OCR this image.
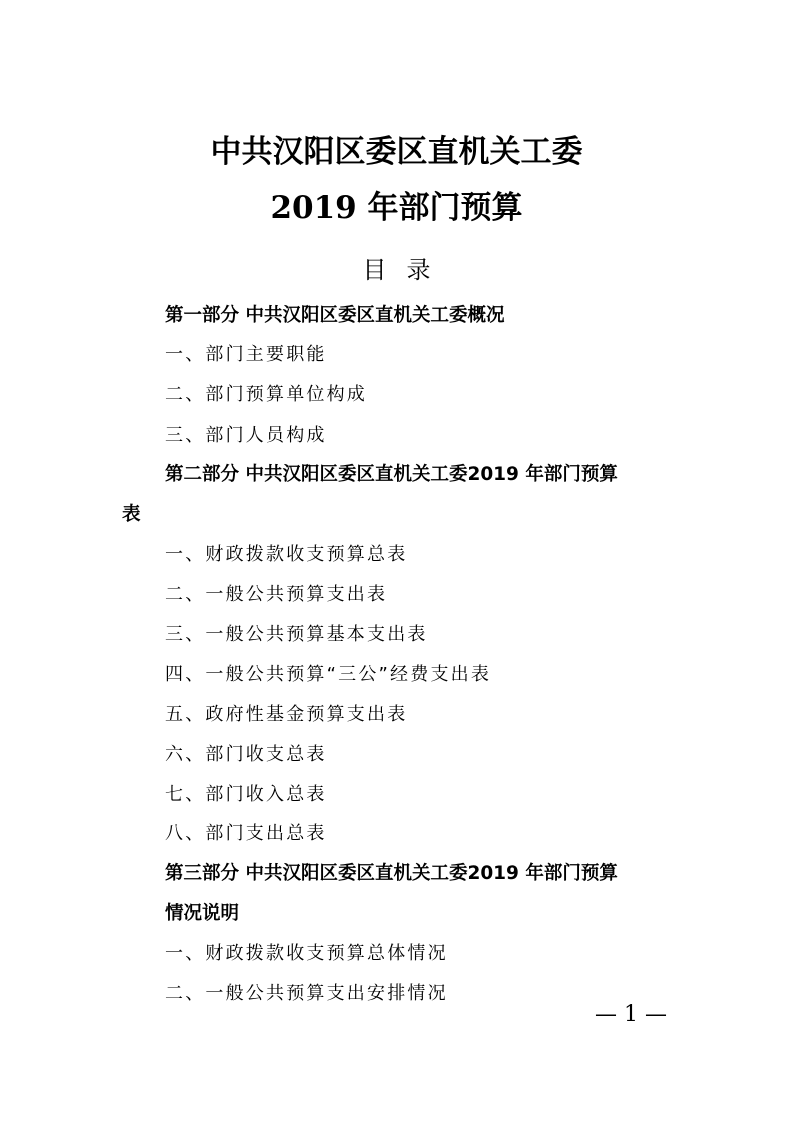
中共汉阳区委区直机关工委
2019 年部门预算
目录
第一部分 中共汉阳区委区直机关工委概况
一、部门主要职能
二、部门预算单位构成
三、部门人员构成
第二部分 中共汉阳区委区直机关工委2019 年部门预算
表
一、财政拨款收支预算总表
二、一般公共预算支出表
三、一般公共预算基本支出表
四、一般公共预算“三公”经费支出表
五、政府性基金预算支出表
六、部门收支总表
七、部门收入总表
八、部门支出总表
第三部分 中共汉阳区委区直机关工委2019 年部门预算
情况说明
一、财政拨款收支预算总体情况
二、一般公共预算支出安排情况
— 1 —
